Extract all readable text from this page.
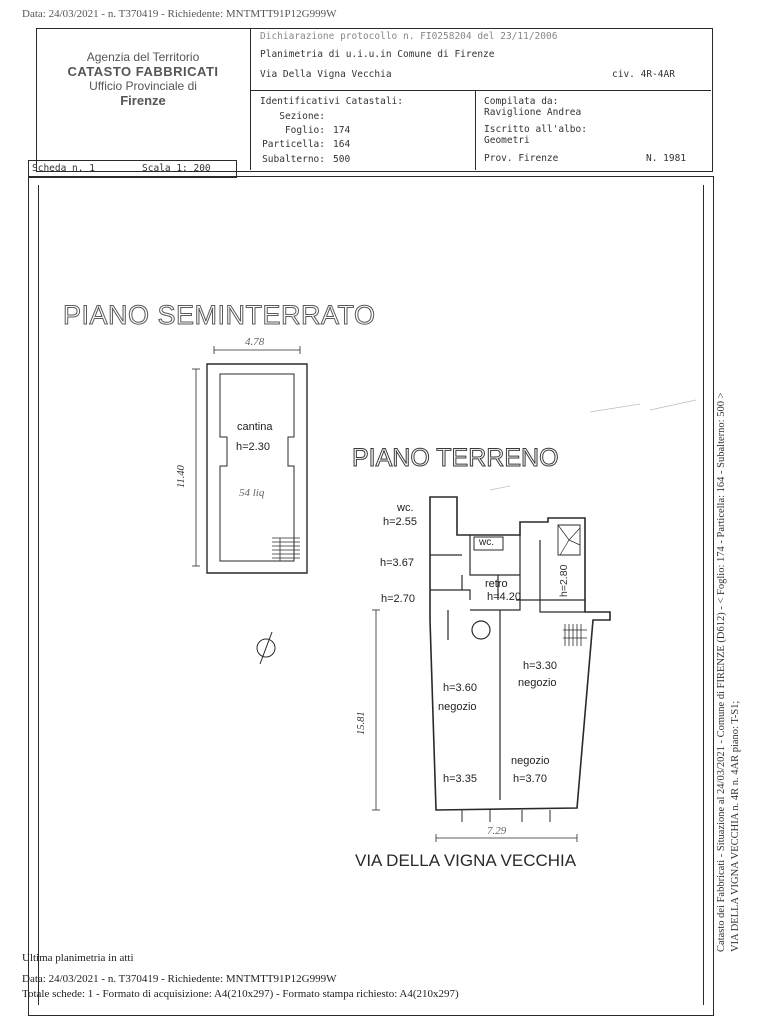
Data: 24/03/2021 - n. T370419 - Richiedente: MNTMTT91P12G999W
Agenzia del Territorio
CATASTO FABBRICATI
Ufficio Provinciale di
Firenze
Dichiarazione protocollo n. FI0258204 del 23/11/2006
Planimetria di u.i.u.in Comune di Firenze
Via Della Vigna Vecchia	civ. 4R-4AR
Identificativi Catastali:
Sezione:
Foglio: 174
Particella: 164
Subalterno: 500
Compilata da:
Raviglione Andrea
Iscritto all'albo:
Geometri
Prov. Firenze	N. 1981
Scheda n. 1	Scala 1: 200
PIANO SEMINTERRATO
PIANO TERRENO
VIA DELLA VIGNA VECCHIA
cantina
h=2.30
4.78
11.40
54 liq
wc.
h=2.55
wc.
h=3.67
retro
h=4.20
h=2.70
h=2.80
h=3.30
negozio
h=3.60
negozio
negozio
h=3.35	h=3.70
7.29
15.81	Catasto dei Fabbricati - Situazione al 24/03/2021 - Comune di FIRENZE (D612) - < Foglio: 174 - Particella: 164 - Subalterno: 500 > VIA DELLA VIGNA VECCHIA n. 4R n. 4AR piano: T-S1;
Ultima planimetria in atti
Data: 24/03/2021 - n. T370419 - Richiedente: MNTMTT91P12G999W
Totale schede: 1 - Formato di acquisizione: A4(210x297) - Formato stampa richiesto: A4(210x297)
